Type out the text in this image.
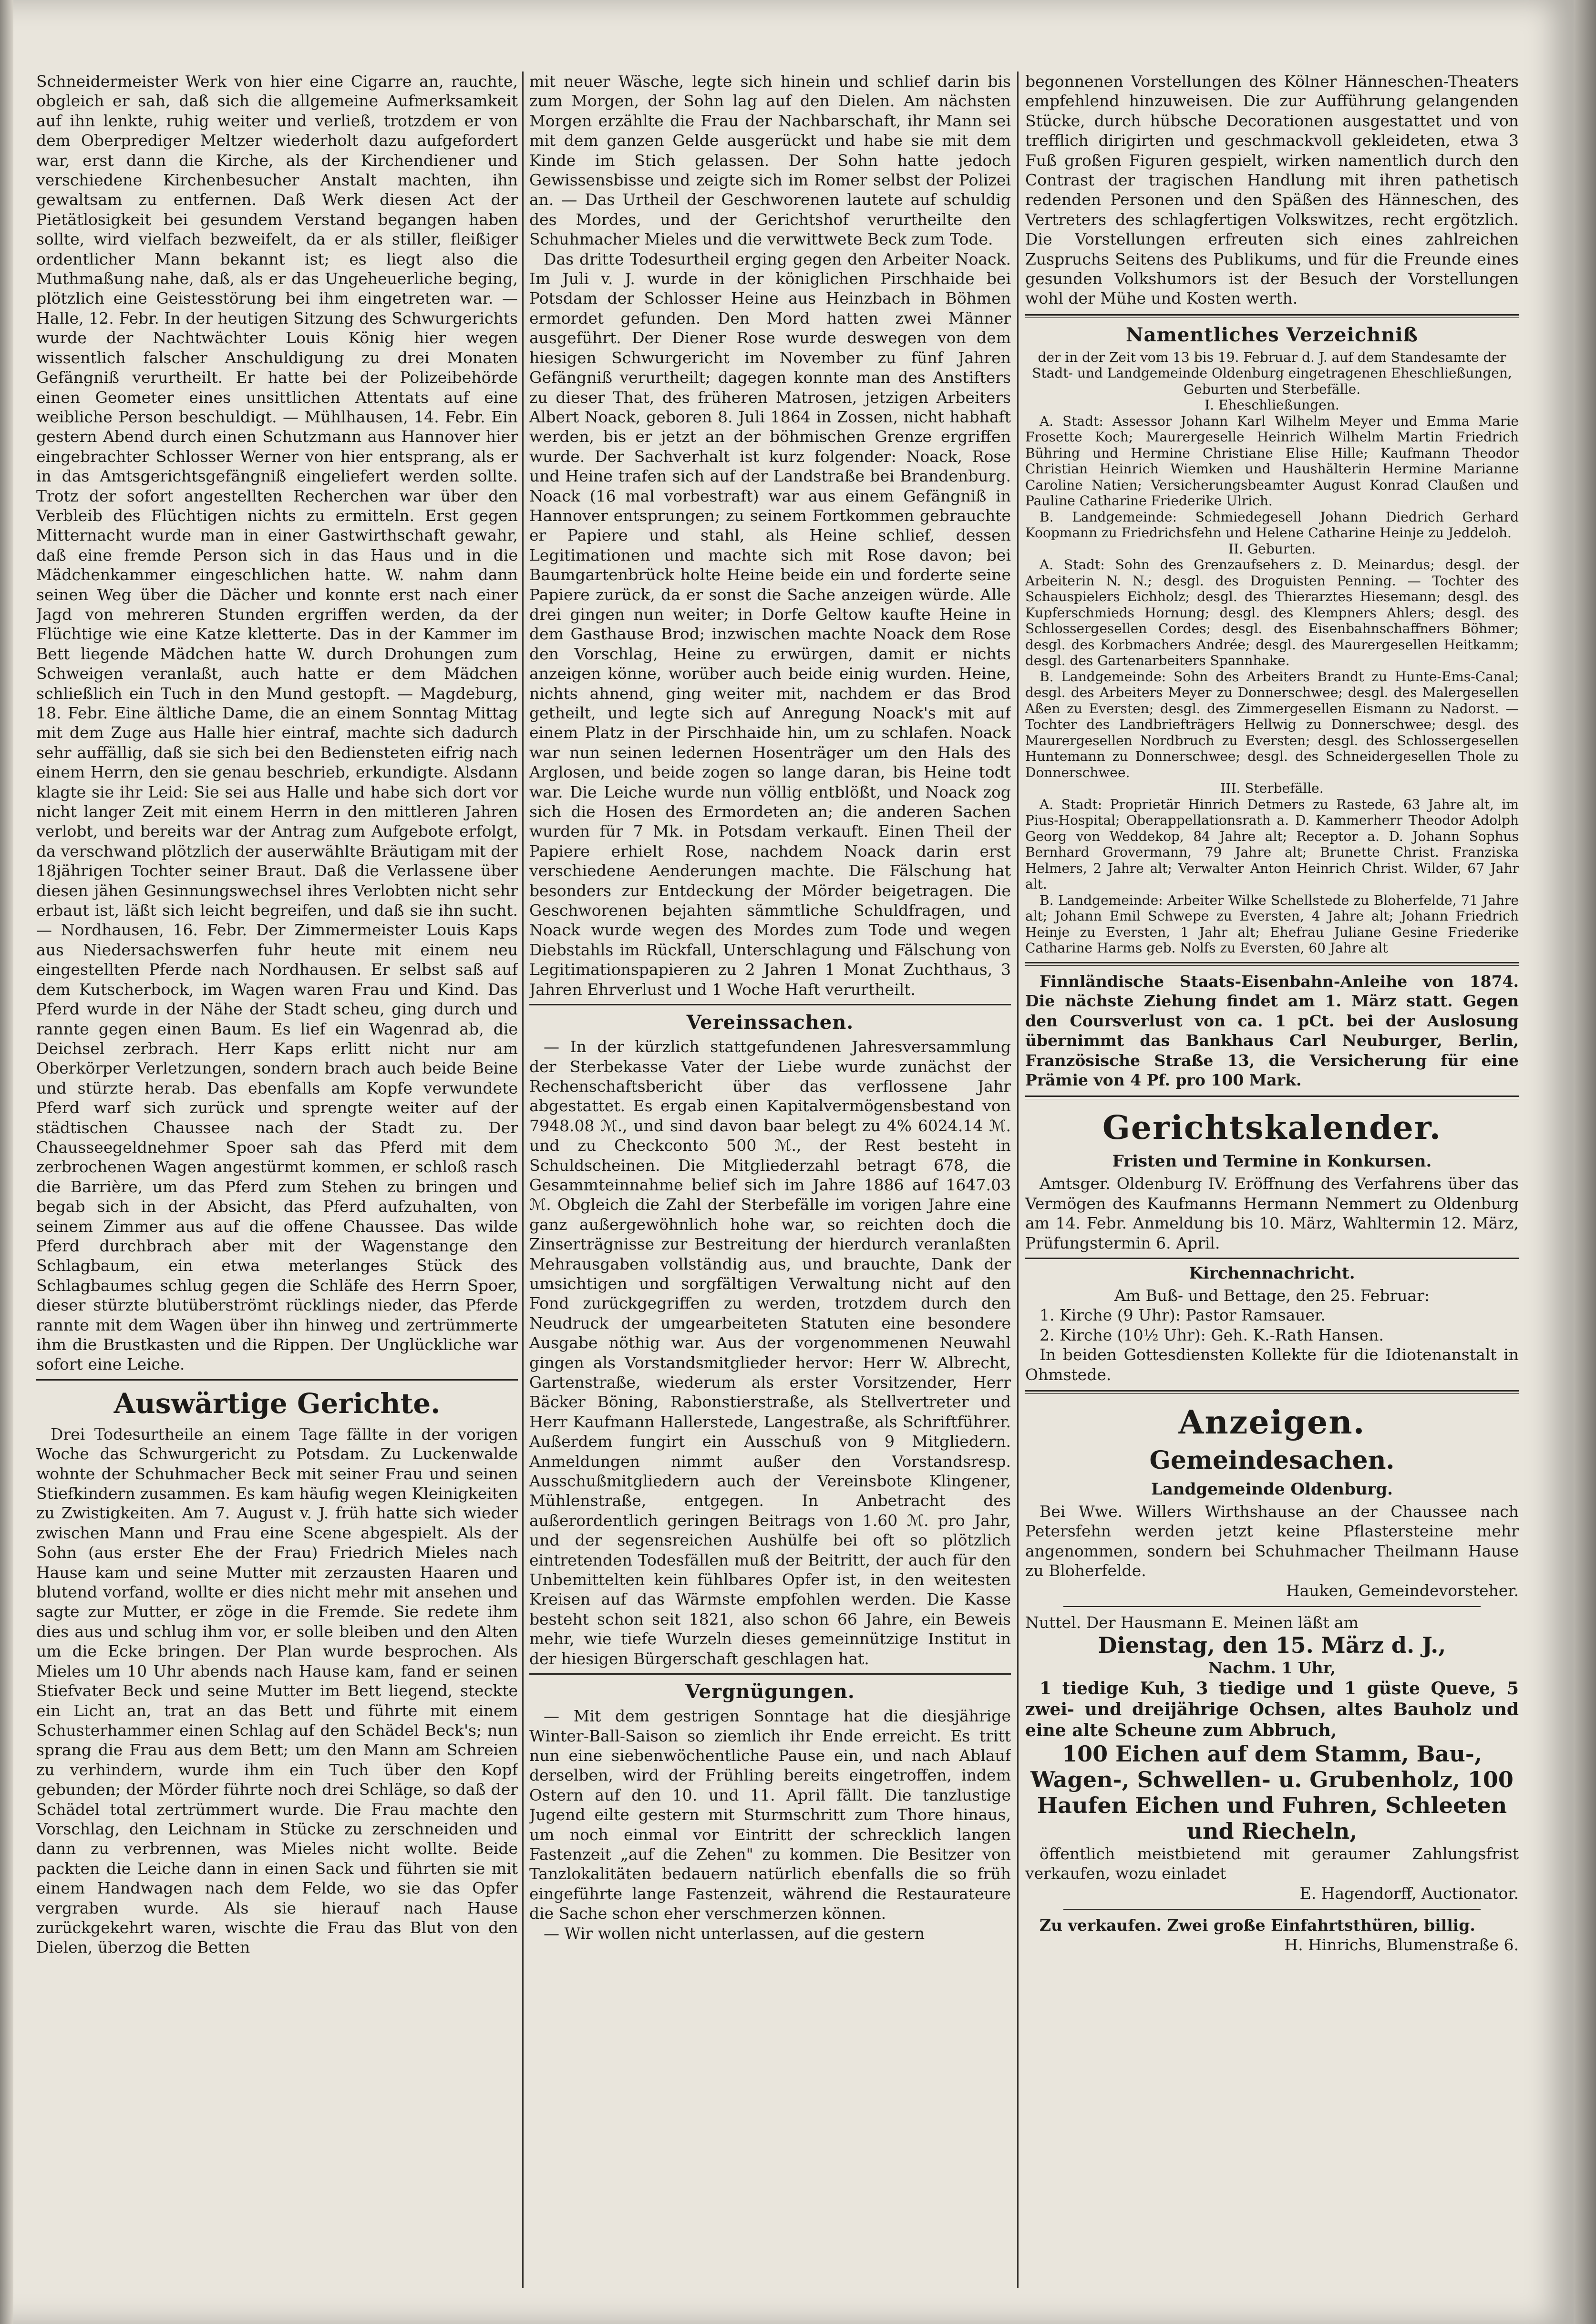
Schneidermeister Werk von hier eine Cigarre an, rauchte, obgleich er sah, daß sich die allgemeine Aufmerksamkeit auf ihn lenkte, ruhig weiter und verließ, trotzdem er von dem Oberprediger Meltzer wiederholt dazu aufgefordert war, erst dann die Kirche, als der Kirchendiener und verschiedene Kirchenbesucher Anstalt machten, ihn gewaltsam zu entfernen. Daß Werk diesen Act der Pietätlosigkeit bei gesundem Verstand begangen haben sollte, wird vielfach bezweifelt, da er als stiller, fleißiger ordentlicher Mann bekannt ist; es liegt also die Muthmaßung nahe, daß, als er das Ungeheuerliche beging, plötzlich eine Geistesstörung bei ihm eingetreten war. — Halle, 12. Febr. In der heutigen Sitzung des Schwurgerichts wurde der Nachtwächter Louis König hier wegen wissentlich falscher Anschuldigung zu drei Monaten Gefängniß verurtheilt. Er hatte bei der Polizeibehörde einen Geometer eines unsittlichen Attentats auf eine weibliche Person beschuldigt. — Mühlhausen, 14. Febr. Ein gestern Abend durch einen Schutzmann aus Hannover hier eingebrachter Schlosser Werner von hier entsprang, als er in das Amtsgerichtsgefängniß eingeliefert werden sollte. Trotz der sofort angestellten Recherchen war über den Verbleib des Flüchtigen nichts zu ermitteln. Erst gegen Mitternacht wurde man in einer Gastwirthschaft gewahr, daß eine fremde Person sich in das Haus und in die Mädchenkammer eingeschlichen hatte. W. nahm dann seinen Weg über die Dächer und konnte erst nach einer Jagd von mehreren Stunden ergriffen werden, da der Flüchtige wie eine Katze kletterte. Das in der Kammer im Bett liegende Mädchen hatte W. durch Drohungen zum Schweigen veranlaßt, auch hatte er dem Mädchen schließlich ein Tuch in den Mund gestopft. — Magdeburg, 18. Febr. Eine ältliche Dame, die an einem Sonntag Mittag mit dem Zuge aus Halle hier eintraf, machte sich dadurch sehr auffällig, daß sie sich bei den Bediensteten eifrig nach einem Herrn, den sie genau beschrieb, erkundigte. Alsdann klagte sie ihr Leid: Sie sei aus Halle und habe sich dort vor nicht langer Zeit mit einem Herrn in den mittleren Jahren verlobt, und bereits war der Antrag zum Aufgebote erfolgt, da verschwand plötzlich der auserwählte Bräutigam mit der 18jährigen Tochter seiner Braut. Daß die Verlassene über diesen jähen Gesinnungswechsel ihres Verlobten nicht sehr erbaut ist, läßt sich leicht begreifen, und daß sie ihn sucht. — Nordhausen, 16. Febr. Der Zimmermeister Louis Kaps aus Niedersachswerfen fuhr heute mit einem neu eingestellten Pferde nach Nordhausen. Er selbst saß auf dem Kutscherbock, im Wagen waren Frau und Kind. Das Pferd wurde in der Nähe der Stadt scheu, ging durch und rannte gegen einen Baum. Es lief ein Wagenrad ab, die Deichsel zerbrach. Herr Kaps erlitt nicht nur am Oberkörper Verletzungen, sondern brach auch beide Beine und stürzte herab. Das ebenfalls am Kopfe verwundete Pferd warf sich zurück und sprengte weiter auf der städtischen Chaussee nach der Stadt zu. Der Chausseegeldnehmer Spoer sah das Pferd mit dem zerbrochenen Wagen angestürmt kommen, er schloß rasch die Barrière, um das Pferd zum Stehen zu bringen und begab sich in der Absicht, das Pferd aufzuhalten, von seinem Zimmer aus auf die offene Chaussee. Das wilde Pferd durchbrach aber mit der Wagenstange den Schlagbaum, ein etwa meterlanges Stück des Schlagbaumes schlug gegen die Schläfe des Herrn Spoer, dieser stürzte blutüberströmt rücklings nieder, das Pferde rannte mit dem Wagen über ihn hinweg und zertrümmerte ihm die Brustkasten und die Rippen. Der Unglückliche war sofort eine Leiche.

Auswärtige Gerichte.

Drei Todesurtheile an einem Tage fällte in der vorigen Woche das Schwurgericht zu Potsdam. Zu Luckenwalde wohnte der Schuhmacher Beck mit seiner Frau und seinen Stiefkindern zusammen. Es kam häufig wegen Kleinigkeiten zu Zwistigkeiten. Am 7. August v. J. früh hatte sich wieder zwischen Mann und Frau eine Scene abgespielt. Als der Sohn (aus erster Ehe der Frau) Friedrich Mieles nach Hause kam und seine Mutter mit zerzausten Haaren und blutend vorfand, wollte er dies nicht mehr mit ansehen und sagte zur Mutter, er zöge in die Fremde. Sie redete ihm dies aus und schlug ihm vor, er solle bleiben und den Alten um die Ecke bringen. Der Plan wurde besprochen. Als Mieles um 10 Uhr abends nach Hause kam, fand er seinen Stiefvater Beck und seine Mutter im Bett liegend, steckte ein Licht an, trat an das Bett und führte mit einem Schusterhammer einen Schlag auf den Schädel Beck's; nun sprang die Frau aus dem Bett; um den Mann am Schreien zu verhindern, wurde ihm ein Tuch über den Kopf gebunden; der Mörder führte noch drei Schläge, so daß der Schädel total zertrümmert wurde. Die Frau machte den Vorschlag, den Leichnam in Stücke zu zerschneiden und dann zu verbrennen, was Mieles nicht wollte. Beide packten die Leiche dann in einen Sack und führten sie mit einem Handwagen nach dem Felde, wo sie das Opfer vergraben wurde. Als sie hierauf nach Hause zurückgekehrt waren, wischte die Frau das Blut von den Dielen, überzog die Betten

mit neuer Wäsche, legte sich hinein und schlief darin bis zum Morgen, der Sohn lag auf den Dielen. Am nächsten Morgen erzählte die Frau der Nachbarschaft, ihr Mann sei mit dem ganzen Gelde ausgerückt und habe sie mit dem Kinde im Stich gelassen. Der Sohn hatte jedoch Gewissensbisse und zeigte sich im Romer selbst der Polizei an. — Das Urtheil der Geschworenen lautete auf schuldig des Mordes, und der Gerichtshof verurtheilte den Schuhmacher Mieles und die verwittwete Beck zum Tode.

Das dritte Todesurtheil erging gegen den Arbeiter Noack. Im Juli v. J. wurde in der königlichen Pirschhaide bei Potsdam der Schlosser Heine aus Heinzbach in Böhmen ermordet gefunden. Den Mord hatten zwei Männer ausgeführt. Der Diener Rose wurde deswegen von dem hiesigen Schwurgericht im November zu fünf Jahren Gefängniß verurtheilt; dagegen konnte man des Anstifters zu dieser That, des früheren Matrosen, jetzigen Arbeiters Albert Noack, geboren 8. Juli 1864 in Zossen, nicht habhaft werden, bis er jetzt an der böhmischen Grenze ergriffen wurde. Der Sachverhalt ist kurz folgender: Noack, Rose und Heine trafen sich auf der Landstraße bei Brandenburg. Noack (16 mal vorbestraft) war aus einem Gefängniß in Hannover entsprungen; zu seinem Fortkommen gebrauchte er Papiere und stahl, als Heine schlief, dessen Legitimationen und machte sich mit Rose davon; bei Baumgartenbrück holte Heine beide ein und forderte seine Papiere zurück, da er sonst die Sache anzeigen würde. Alle drei gingen nun weiter; in Dorfe Geltow kaufte Heine in dem Gasthause Brod; inzwischen machte Noack dem Rose den Vorschlag, Heine zu erwürgen, damit er nichts anzeigen könne, worüber auch beide einig wurden. Heine, nichts ahnend, ging weiter mit, nachdem er das Brod getheilt, und legte sich auf Anregung Noack's mit auf einem Platz in der Pirschhaide hin, um zu schlafen. Noack war nun seinen ledernen Hosenträger um den Hals des Arglosen, und beide zogen so lange daran, bis Heine todt war. Die Leiche wurde nun völlig entblößt, und Noack zog sich die Hosen des Ermordeten an; die anderen Sachen wurden für 7 Mk. in Potsdam verkauft. Einen Theil der Papiere erhielt Rose, nachdem Noack darin erst verschiedene Aenderungen machte. Die Fälschung hat besonders zur Entdeckung der Mörder beigetragen. Die Geschworenen bejahten sämmtliche Schuldfragen, und Noack wurde wegen des Mordes zum Tode und wegen Diebstahls im Rückfall, Unterschlagung und Fälschung von Legitimationspapieren zu 2 Jahren 1 Monat Zuchthaus, 3 Jahren Ehrverlust und 1 Woche Haft verurtheilt.

Vereinssachen.

— In der kürzlich stattgefundenen Jahresversammlung der Sterbekasse Vater der Liebe wurde zunächst der Rechenschaftsbericht über das verflossene Jahr abgestattet. Es ergab einen Kapitalvermögensbestand von 7948.08 ℳ., und sind davon baar belegt zu 4% 6024.14 ℳ. und zu Checkconto 500 ℳ., der Rest besteht in Schuldscheinen. Die Mitgliederzahl betragt 678, die Gesammteinnahme belief sich im Jahre 1886 auf 1647.03 ℳ. Obgleich die Zahl der Sterbefälle im vorigen Jahre eine ganz außergewöhnlich hohe war, so reichten doch die Zinserträgnisse zur Bestreitung der hierdurch veranlaßten Mehrausgaben vollständig aus, und brauchte, Dank der umsichtigen und sorgfältigen Verwaltung nicht auf den Fond zurückgegriffen zu werden, trotzdem durch den Neudruck der umgearbeiteten Statuten eine besondere Ausgabe nöthig war. Aus der vorgenommenen Neuwahl gingen als Vorstandsmitglieder hervor: Herr W. Albrecht, Gartenstraße, wiederum als erster Vorsitzender, Herr Bäcker Böning, Rabonstierstraße, als Stellvertreter und Herr Kaufmann Hallerstede, Langestraße, als Schriftführer. Außerdem fungirt ein Ausschuß von 9 Mitgliedern. Anmeldungen nimmt außer den Vorstandsresp. Ausschußmitgliedern auch der Vereinsbote Klingener, Mühlenstraße, entgegen. In Anbetracht des außerordentlich geringen Beitrags von 1.60 ℳ. pro Jahr, und der segensreichen Aushülfe bei oft so plötzlich eintretenden Todesfällen muß der Beitritt, der auch für den Unbemittelten kein fühlbares Opfer ist, in den weitesten Kreisen auf das Wärmste empfohlen werden. Die Kasse besteht schon seit 1821, also schon 66 Jahre, ein Beweis mehr, wie tiefe Wurzeln dieses gemeinnützige Institut in der hiesigen Bürgerschaft geschlagen hat.

Vergnügungen.

— Mit dem gestrigen Sonntage hat die diesjährige Winter-Ball-Saison so ziemlich ihr Ende erreicht. Es tritt nun eine siebenwöchentliche Pause ein, und nach Ablauf derselben, wird der Frühling bereits eingetroffen, indem Ostern auf den 10. und 11. April fällt. Die tanzlustige Jugend eilte gestern mit Sturmschritt zum Thore hinaus, um noch einmal vor Eintritt der schrecklich langen Fastenzeit „auf die Zehen" zu kommen. Die Besitzer von Tanzlokalitäten bedauern natürlich ebenfalls die so früh eingeführte lange Fastenzeit, während die Restaurateure die Sache schon eher verschmerzen können.

— Wir wollen nicht unterlassen, auf die gestern

begonnenen Vorstellungen des Kölner Hänneschen-Theaters empfehlend hinzuweisen. Die zur Aufführung gelangenden Stücke, durch hübsche Decorationen ausgestattet und von trefflich dirigirten und geschmackvoll gekleideten, etwa 3 Fuß großen Figuren gespielt, wirken namentlich durch den Contrast der tragischen Handlung mit ihren pathetisch redenden Personen und den Späßen des Hänneschen, des Vertreters des schlagfertigen Volkswitzes, recht ergötzlich. Die Vorstellungen erfreuten sich eines zahlreichen Zuspruchs Seitens des Publikums, und für die Freunde eines gesunden Volkshumors ist der Besuch der Vorstellungen wohl der Mühe und Kosten werth.

Namentliches Verzeichniß

der in der Zeit vom 13 bis 19. Februar d. J. auf dem Standesamte der Stadt- und Landgemeinde Oldenburg eingetragenen Eheschließungen, Geburten und Sterbefälle.

I. Eheschließungen.

A. Stadt: Assessor Johann Karl Wilhelm Meyer und Emma Marie Frosette Koch; Maurergeselle Heinrich Wilhelm Martin Friedrich Bühring und Hermine Christiane Elise Hille; Kaufmann Theodor Christian Heinrich Wiemken und Haushälterin Hermine Marianne Caroline Natien; Versicherungsbeamter August Konrad Claußen und Pauline Catharine Friederike Ulrich.

B. Landgemeinde: Schmiedegesell Johann Diedrich Gerhard Koopmann zu Friedrichsfehn und Helene Catharine Heinje zu Jeddeloh.

II. Geburten.

A. Stadt: Sohn des Grenzaufsehers z. D. Meinardus; desgl. der Arbeiterin N. N.; desgl. des Droguisten Penning. — Tochter des Schauspielers Eichholz; desgl. des Thierarztes Hiesemann; desgl. des Kupferschmieds Hornung; desgl. des Klempners Ahlers; desgl. des Schlossergesellen Cordes; desgl. des Eisenbahnschaffners Böhmer; desgl. des Korbmachers Andrée; desgl. des Maurergesellen Heitkamm; desgl. des Gartenarbeiters Spannhake.

B. Landgemeinde: Sohn des Arbeiters Brandt zu Hunte-Ems-Canal; desgl. des Arbeiters Meyer zu Donnerschwee; desgl. des Malergesellen Aßen zu Eversten; desgl. des Zimmergesellen Eismann zu Nadorst. — Tochter des Landbriefträgers Hellwig zu Donnerschwee; desgl. des Maurergesellen Nordbruch zu Eversten; desgl. des Schlossergesellen Huntemann zu Donnerschwee; desgl. des Schneidergesellen Thole zu Donnerschwee.

III. Sterbefälle.

A. Stadt: Proprietär Hinrich Detmers zu Rastede, 63 Jahre alt, im Pius-Hospital; Oberappellationsrath a. D. Kammerherr Theodor Adolph Georg von Weddekop, 84 Jahre alt; Receptor a. D. Johann Sophus Bernhard Grovermann, 79 Jahre alt; Brunette Christ. Franziska Helmers, 2 Jahre alt; Verwalter Anton Heinrich Christ. Wilder, 67 Jahr alt.

B. Landgemeinde: Arbeiter Wilke Schellstede zu Bloherfelde, 71 Jahre alt; Johann Emil Schwepe zu Eversten, 4 Jahre alt; Johann Friedrich Heinje zu Eversten, 1 Jahr alt; Ehefrau Juliane Gesine Friederike Catharine Harms geb. Nolfs zu Eversten, 60 Jahre alt

Finnländische Staats-Eisenbahn-Anleihe von 1874. Die nächste Ziehung findet am 1. März statt. Gegen den Coursverlust von ca. 1 pCt. bei der Auslosung übernimmt das Bankhaus Carl Neuburger, Berlin, Französische Straße 13, die Versicherung für eine Prämie von 4 Pf. pro 100 Mark.

Gerichtskalender.
Fristen und Termine in Konkursen.

Amtsger. Oldenburg IV. Eröffnung des Verfahrens über das Vermögen des Kaufmanns Hermann Nemmert zu Oldenburg am 14. Febr. Anmeldung bis 10. März, Wahltermin 12. März, Prüfungstermin 6. April.

Kirchennachricht.

Am Buß- und Bettage, den 25. Februar:

1. Kirche (9 Uhr): Pastor Ramsauer.

2. Kirche (10½ Uhr): Geh. K.-Rath Hansen.

In beiden Gottesdiensten Kollekte für die Idiotenanstalt in Ohmstede.

Anzeigen.
Gemeindesachen.
Landgemeinde Oldenburg.

Bei Wwe. Willers Wirthshause an der Chaussee nach Petersfehn werden jetzt keine Pflastersteine mehr angenommen, sondern bei Schuhmacher Theilmann Hause zu Bloherfelde.

Hauken, Gemeindevorsteher.

Nuttel. Der Hausmann E. Meinen läßt am

Dienstag, den 15. März d. J.,

Nachm. 1 Uhr,

1 tiedige Kuh, 3 tiedige und 1 güste Queve, 5 zwei- und dreijährige Ochsen, altes Bauholz und eine alte Scheune zum Abbruch,

100 Eichen auf dem Stamm, Bau-, Wagen-, Schwellen- u. Grubenholz, 100 Haufen Eichen und Fuhren, Schleeten und Riecheln,

öffentlich meistbietend mit geraumer Zahlungsfrist verkaufen, wozu einladet

E. Hagendorff, Auctionator.

Zu verkaufen. Zwei große Einfahrtsthüren, billig.

H. Hinrichs, Blumenstraße 6.
